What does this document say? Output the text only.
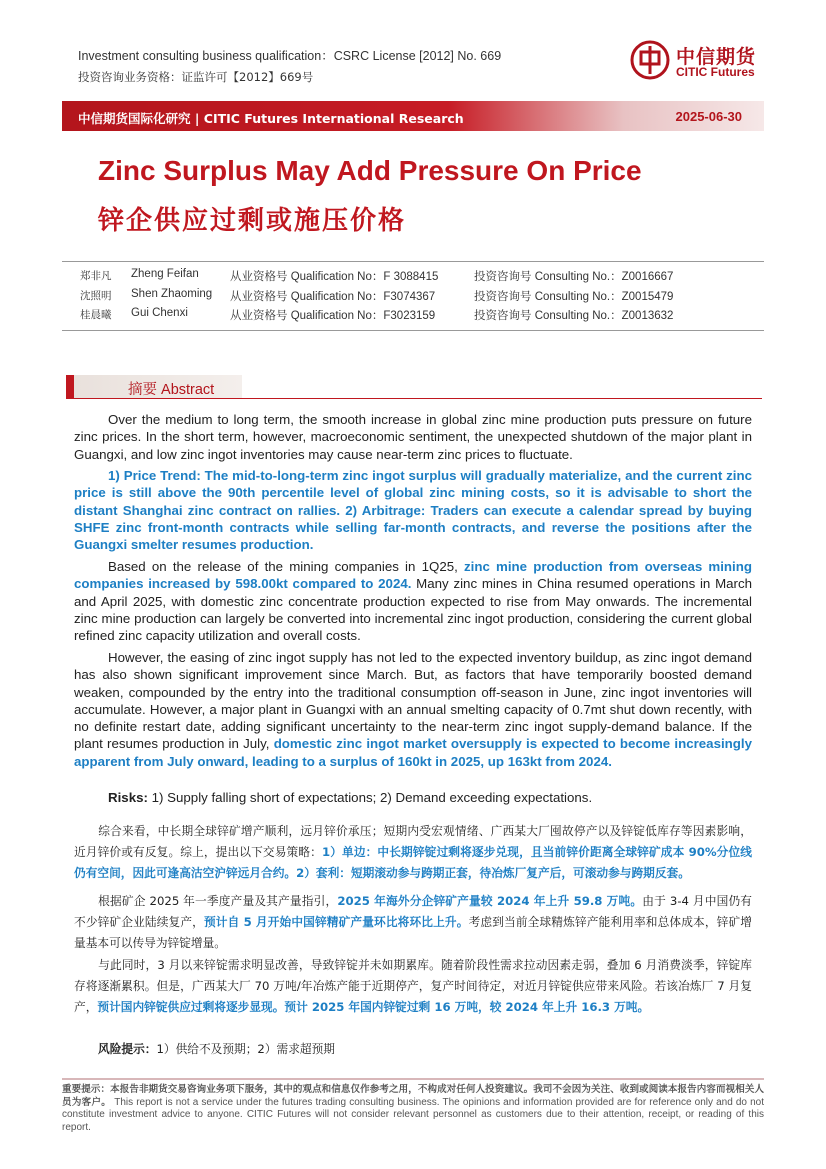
Investment consulting business qualification：CSRC License [2012] No. 669
投资咨询业务资格：证监许可【2012】669号
中信期货
CITIC Futures
中信期货国际化研究 | CITIC Futures International Research	2025-06-30
Zinc Surplus May Add Pressure On Price
锌企供应过剩或施压价格
郑非凡 Zheng Feifan	从业资格号 Qualification No：F 3088415	投资咨询号 Consulting No.：Z0016667
沈照明 Shen Zhaoming 从业资格号 Qualification No：F3074367	投资咨询号 Consulting No.：Z0015479
桂晨曦 Gui Chenxi	从业资格号 Qualification No：F3023159	投资咨询号 Consulting No.：Z0013632
摘要 Abstract
Over the medium to long term, the smooth increase in global zinc mine production puts pressure on future zinc prices. In the short term, however, macroeconomic sentiment, the unexpected shutdown of the major plant in Guangxi, and low zinc ingot inventories may cause near-term zinc prices to fluctuate.
1) Price Trend: The mid-to-long-term zinc ingot surplus will gradually materialize, and the current zinc price is still above the 90th percentile level of global zinc mining costs, so it is advisable to short the distant Shanghai zinc contract on rallies. 2) Arbitrage: Traders can execute a calendar spread by buying SHFE zinc front-month contracts while selling far-month contracts, and reverse the positions after the Guangxi smelter resumes production.
Based on the release of the mining companies in 1Q25, zinc mine production from overseas mining companies increased by 598.00kt compared to 2024. Many zinc mines in China resumed operations in March and April 2025, with domestic zinc concentrate production expected to rise from May onwards. The incremental zinc mine production can largely be converted into incremental zinc ingot production, considering the current global refined zinc capacity utilization and overall costs.
However, the easing of zinc ingot supply has not led to the expected inventory buildup, as zinc ingot demand has also shown significant improvement since March. But, as factors that have temporarily boosted demand weaken, compounded by the entry into the traditional consumption off-season in June, zinc ingot inventories will accumulate. However, a major plant in Guangxi with an annual smelting capacity of 0.7mt shut down recently, with no definite restart date, adding significant uncertainty to the near-term zinc ingot supply-demand balance. If the plant resumes production in July, domestic zinc ingot market oversupply is expected to become increasingly apparent from July onward, leading to a surplus of 160kt in 2025, up 163kt from 2024.
Risks: 1) Supply falling short of expectations; 2) Demand exceeding expectations.
综合来看，中长期全球锌矿增产顺利，远月锌价承压；短期内受宏观情绪、广西某大厂囤故停产以及锌锭低库存等因素影响，近月锌价或有反复。综上，提出以下交易策略：1）单边：中长期锌锭过剩将逐步兑现，且当前锌价距离全球锌矿成本 90%分位线仍有空间，因此可逢高沽空沪锌远月合约。2）套利：短期滚动参与跨期正套，待冶炼厂复产后，可滚动参与跨期反套。
根据矿企 2025 年一季度产量及其产量指引，2025 年海外分企锌矿产量较 2024 年上升 59.8 万吨。由于 3-4 月中国仍有不少锌矿企业陆续复产，预计自 5 月开始中国锌精矿产量环比将环比上升。考虑到当前全球精炼锌产能利用率和总体成本，锌矿增量基本可以传导为锌锭增量。
与此同时，3 月以来锌锭需求明显改善，导致锌锭并未如期累库。随着阶段性需求拉动因素走弱，叠加 6 月消费淡季，锌锭库存将逐渐累积。但是，广西某大厂 70 万吨/年冶炼产能于近期停产，复产时间待定，对近月锌锭供应带来风险。若该冶炼厂 7 月复产，预计国内锌锭供应过剩将逐步显现。预计 2025 年国内锌锭过剩 16 万吨，较 2024 年上升 16.3 万吨。
风险提示：1）供给不及预期；2）需求超预期
重要提示：本报告非期货交易咨询业务项下服务，其中的观点和信息仅作参考之用，不构成对任何人投资建议。我司不会因为关注、收到或阅读本报告内容而视相关人员为客户。 This report is not a service under the futures trading consulting business. The opinions and information provided are for reference only and do not constitute investment advice to anyone. CITIC Futures will not consider relevant personnel as customers due to their attention, receipt, or reading of this report.
